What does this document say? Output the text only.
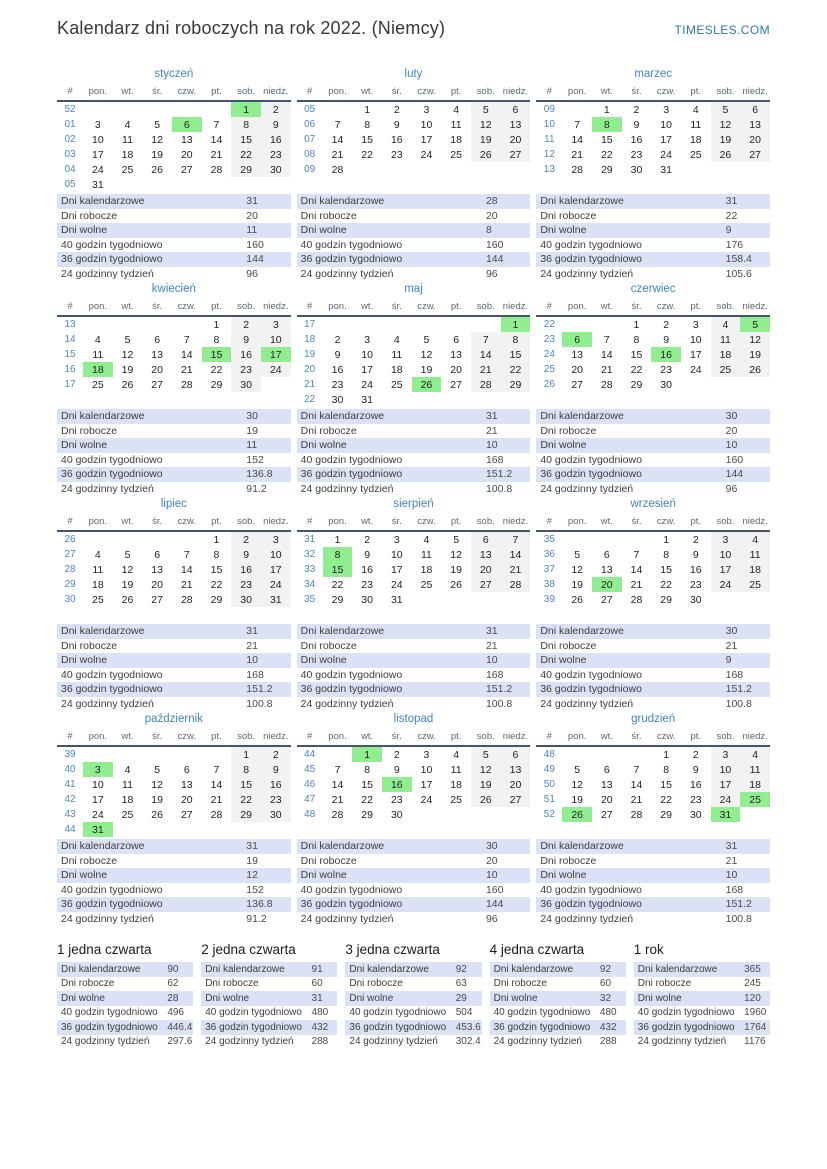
Kalendarz dni roboczych na rok 2022. (Niemcy)	TIMESLES.COM
styczeń
#	pon.	wt.	śr.	czw.	pt.	sob.	niedz.
52						1	2
01	3	4	5	6	7	8	9
02	10	11	12	13	14	15	16
03	17	18	19	20	21	22	23
04	24	25	26	27	28	29	30
05	31						
Dni kalendarzowe	31
Dni robocze	20
Dni wolne	11
40 godzin tygodniowo	160
36 godzin tygodniowo	144
24 godzinny tydzień	96
luty
#	pon.	wt.	śr.	czw.	pt.	sob.	niedz.
05		1	2	3	4	5	6
06	7	8	9	10	11	12	13
07	14	15	16	17	18	19	20
08	21	22	23	24	25	26	27
09	28						
Dni kalendarzowe	28
Dni robocze	20
Dni wolne	8
40 godzin tygodniowo	160
36 godzin tygodniowo	144
24 godzinny tydzień	96
marzec
#	pon.	wt.	śr.	czw.	pt.	sob.	niedz.
09		1	2	3	4	5	6
10	7	8	9	10	11	12	13
11	14	15	16	17	18	19	20
12	21	22	23	24	25	26	27
13	28	29	30	31			
Dni kalendarzowe	31
Dni robocze	22
Dni wolne	9
40 godzin tygodniowo	176
36 godzin tygodniowo	158.4
24 godzinny tydzień	105.6
kwiecień
#	pon.	wt.	śr.	czw.	pt.	sob.	niedz.
13					1	2	3
14	4	5	6	7	8	9	10
15	11	12	13	14	15	16	17
16	18	19	20	21	22	23	24
17	25	26	27	28	29	30	
Dni kalendarzowe	30
Dni robocze	19
Dni wolne	11
40 godzin tygodniowo	152
36 godzin tygodniowo	136.8
24 godzinny tydzień	91.2
maj
#	pon.	wt.	śr.	czw.	pt.	sob.	niedz.
17							1
18	2	3	4	5	6	7	8
19	9	10	11	12	13	14	15
20	16	17	18	19	20	21	22
21	23	24	25	26	27	28	29
22	30	31					
Dni kalendarzowe	31
Dni robocze	21
Dni wolne	10
40 godzin tygodniowo	168
36 godzin tygodniowo	151.2
24 godzinny tydzień	100.8
czerwiec
#	pon.	wt.	śr.	czw.	pt.	sob.	niedz.
22			1	2	3	4	5
23	6	7	8	9	10	11	12
24	13	14	15	16	17	18	19
25	20	21	22	23	24	25	26
26	27	28	29	30			
Dni kalendarzowe	30
Dni robocze	20
Dni wolne	10
40 godzin tygodniowo	160
36 godzin tygodniowo	144
24 godzinny tydzień	96
lipiec
#	pon.	wt.	śr.	czw.	pt.	sob.	niedz.
26					1	2	3
27	4	5	6	7	8	9	10
28	11	12	13	14	15	16	17
29	18	19	20	21	22	23	24
30	25	26	27	28	29	30	31
Dni kalendarzowe	31
Dni robocze	21
Dni wolne	10
40 godzin tygodniowo	168
36 godzin tygodniowo	151.2
24 godzinny tydzień	100.8
sierpień
#	pon.	wt.	śr.	czw.	pt.	sob.	niedz.
31	1	2	3	4	5	6	7
32	8	9	10	11	12	13	14
33	15	16	17	18	19	20	21
34	22	23	24	25	26	27	28
35	29	30	31				
Dni kalendarzowe	31
Dni robocze	21
Dni wolne	10
40 godzin tygodniowo	168
36 godzin tygodniowo	151.2
24 godzinny tydzień	100.8
wrzesień
#	pon.	wt.	śr.	czw.	pt.	sob.	niedz.
35				1	2	3	4
36	5	6	7	8	9	10	11
37	12	13	14	15	16	17	18
38	19	20	21	22	23	24	25
39	26	27	28	29	30		
Dni kalendarzowe	30
Dni robocze	21
Dni wolne	9
40 godzin tygodniowo	168
36 godzin tygodniowo	151.2
24 godzinny tydzień	100.8
październik
#	pon.	wt.	śr.	czw.	pt.	sob.	niedz.
39						1	2
40	3	4	5	6	7	8	9
41	10	11	12	13	14	15	16
42	17	18	19	20	21	22	23
43	24	25	26	27	28	29	30
44	31						
Dni kalendarzowe	31
Dni robocze	19
Dni wolne	12
40 godzin tygodniowo	152
36 godzin tygodniowo	136.8
24 godzinny tydzień	91.2
listopad
#	pon.	wt.	śr.	czw.	pt.	sob.	niedz.
44		1	2	3	4	5	6
45	7	8	9	10	11	12	13
46	14	15	16	17	18	19	20
47	21	22	23	24	25	26	27
48	28	29	30				
Dni kalendarzowe	30
Dni robocze	20
Dni wolne	10
40 godzin tygodniowo	160
36 godzin tygodniowo	144
24 godzinny tydzień	96
grudzień
#	pon.	wt.	śr.	czw.	pt.	sob.	niedz.
48				1	2	3	4
49	5	6	7	8	9	10	11
50	12	13	14	15	16	17	18
51	19	20	21	22	23	24	25
52	26	27	28	29	30	31	
Dni kalendarzowe	31
Dni robocze	21
Dni wolne	10
40 godzin tygodniowo	168
36 godzin tygodniowo	151.2
24 godzinny tydzień	100.8
1 jedna czwarta
Dni kalendarzowe	90
Dni robocze	62
Dni wolne	28
40 godzin tygodniowo	496
36 godzin tygodniowo	446.4
24 godzinny tydzień	297.6
2 jedna czwarta
Dni kalendarzowe	91
Dni robocze	60
Dni wolne	31
40 godzin tygodniowo	480
36 godzin tygodniowo	432
24 godzinny tydzień	288
3 jedna czwarta
Dni kalendarzowe	92
Dni robocze	63
Dni wolne	29
40 godzin tygodniowo	504
36 godzin tygodniowo	453.6
24 godzinny tydzień	302.4
4 jedna czwarta
Dni kalendarzowe	92
Dni robocze	60
Dni wolne	32
40 godzin tygodniowo	480
36 godzin tygodniowo	432
24 godzinny tydzień	288
1 rok
Dni kalendarzowe	365
Dni robocze	245
Dni wolne	120
40 godzin tygodniowo	1960
36 godzin tygodniowo	1764
24 godzinny tydzień	1176
